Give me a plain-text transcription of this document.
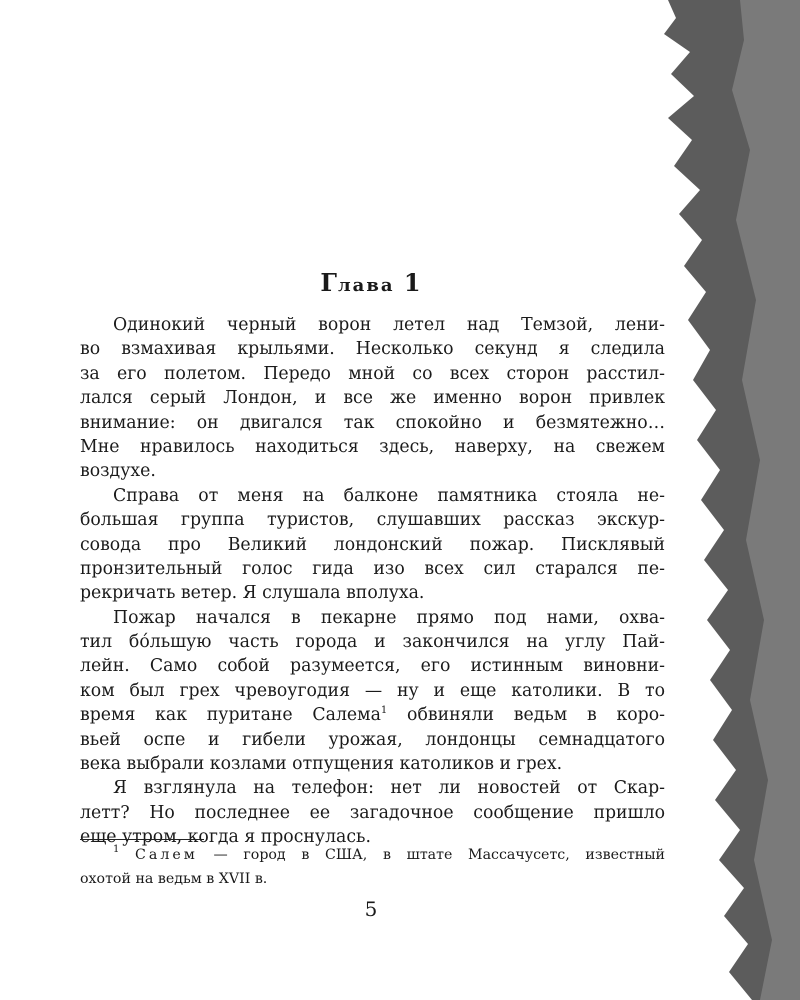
Глава 1

Одинокий черный ворон летел над Темзой, лени-
во взмахивая крыльями. Несколько секунд я следила
за его полетом. Передо мной со всех сторон расстил-
лался серый Лондон, и все же именно ворон привлек
внимание: он двигался так спокойно и безмятежно…
Мне нравилось находиться здесь, наверху, на свежем
воздухе.

Справа от меня на балконе памятника стояла не-
большая группа туристов, слушавших рассказ экскур-
совода про Великий лондонский пожар. Писклявый
пронзительный голос гида изо всех сил старался пе-
рекричать ветер. Я слушала вполуха.

Пожар начался в пекарне прямо под нами, охва-
тил бóльшую часть города и закончился на углу Пай-
лейн. Само собой разумеется, его истинным виновни-
ком был грех чревоугодия — ну и еще католики. В то
время как пуритане Салема$^1$ обвиняли ведьм в коро-
вьей оспе и гибели урожая, лондонцы семнадцатого
века выбрали козлами отпущения католиков и грех.

Я взглянула на телефон: нет ли новостей от Скар-
летт? Но последнее ее загадочное сообщение пришло
еще утром, когда я проснулась.

$^1$ Салем — город в США, в штате Массачусетс, известный
охотой на ведьм в XVII в.

5
